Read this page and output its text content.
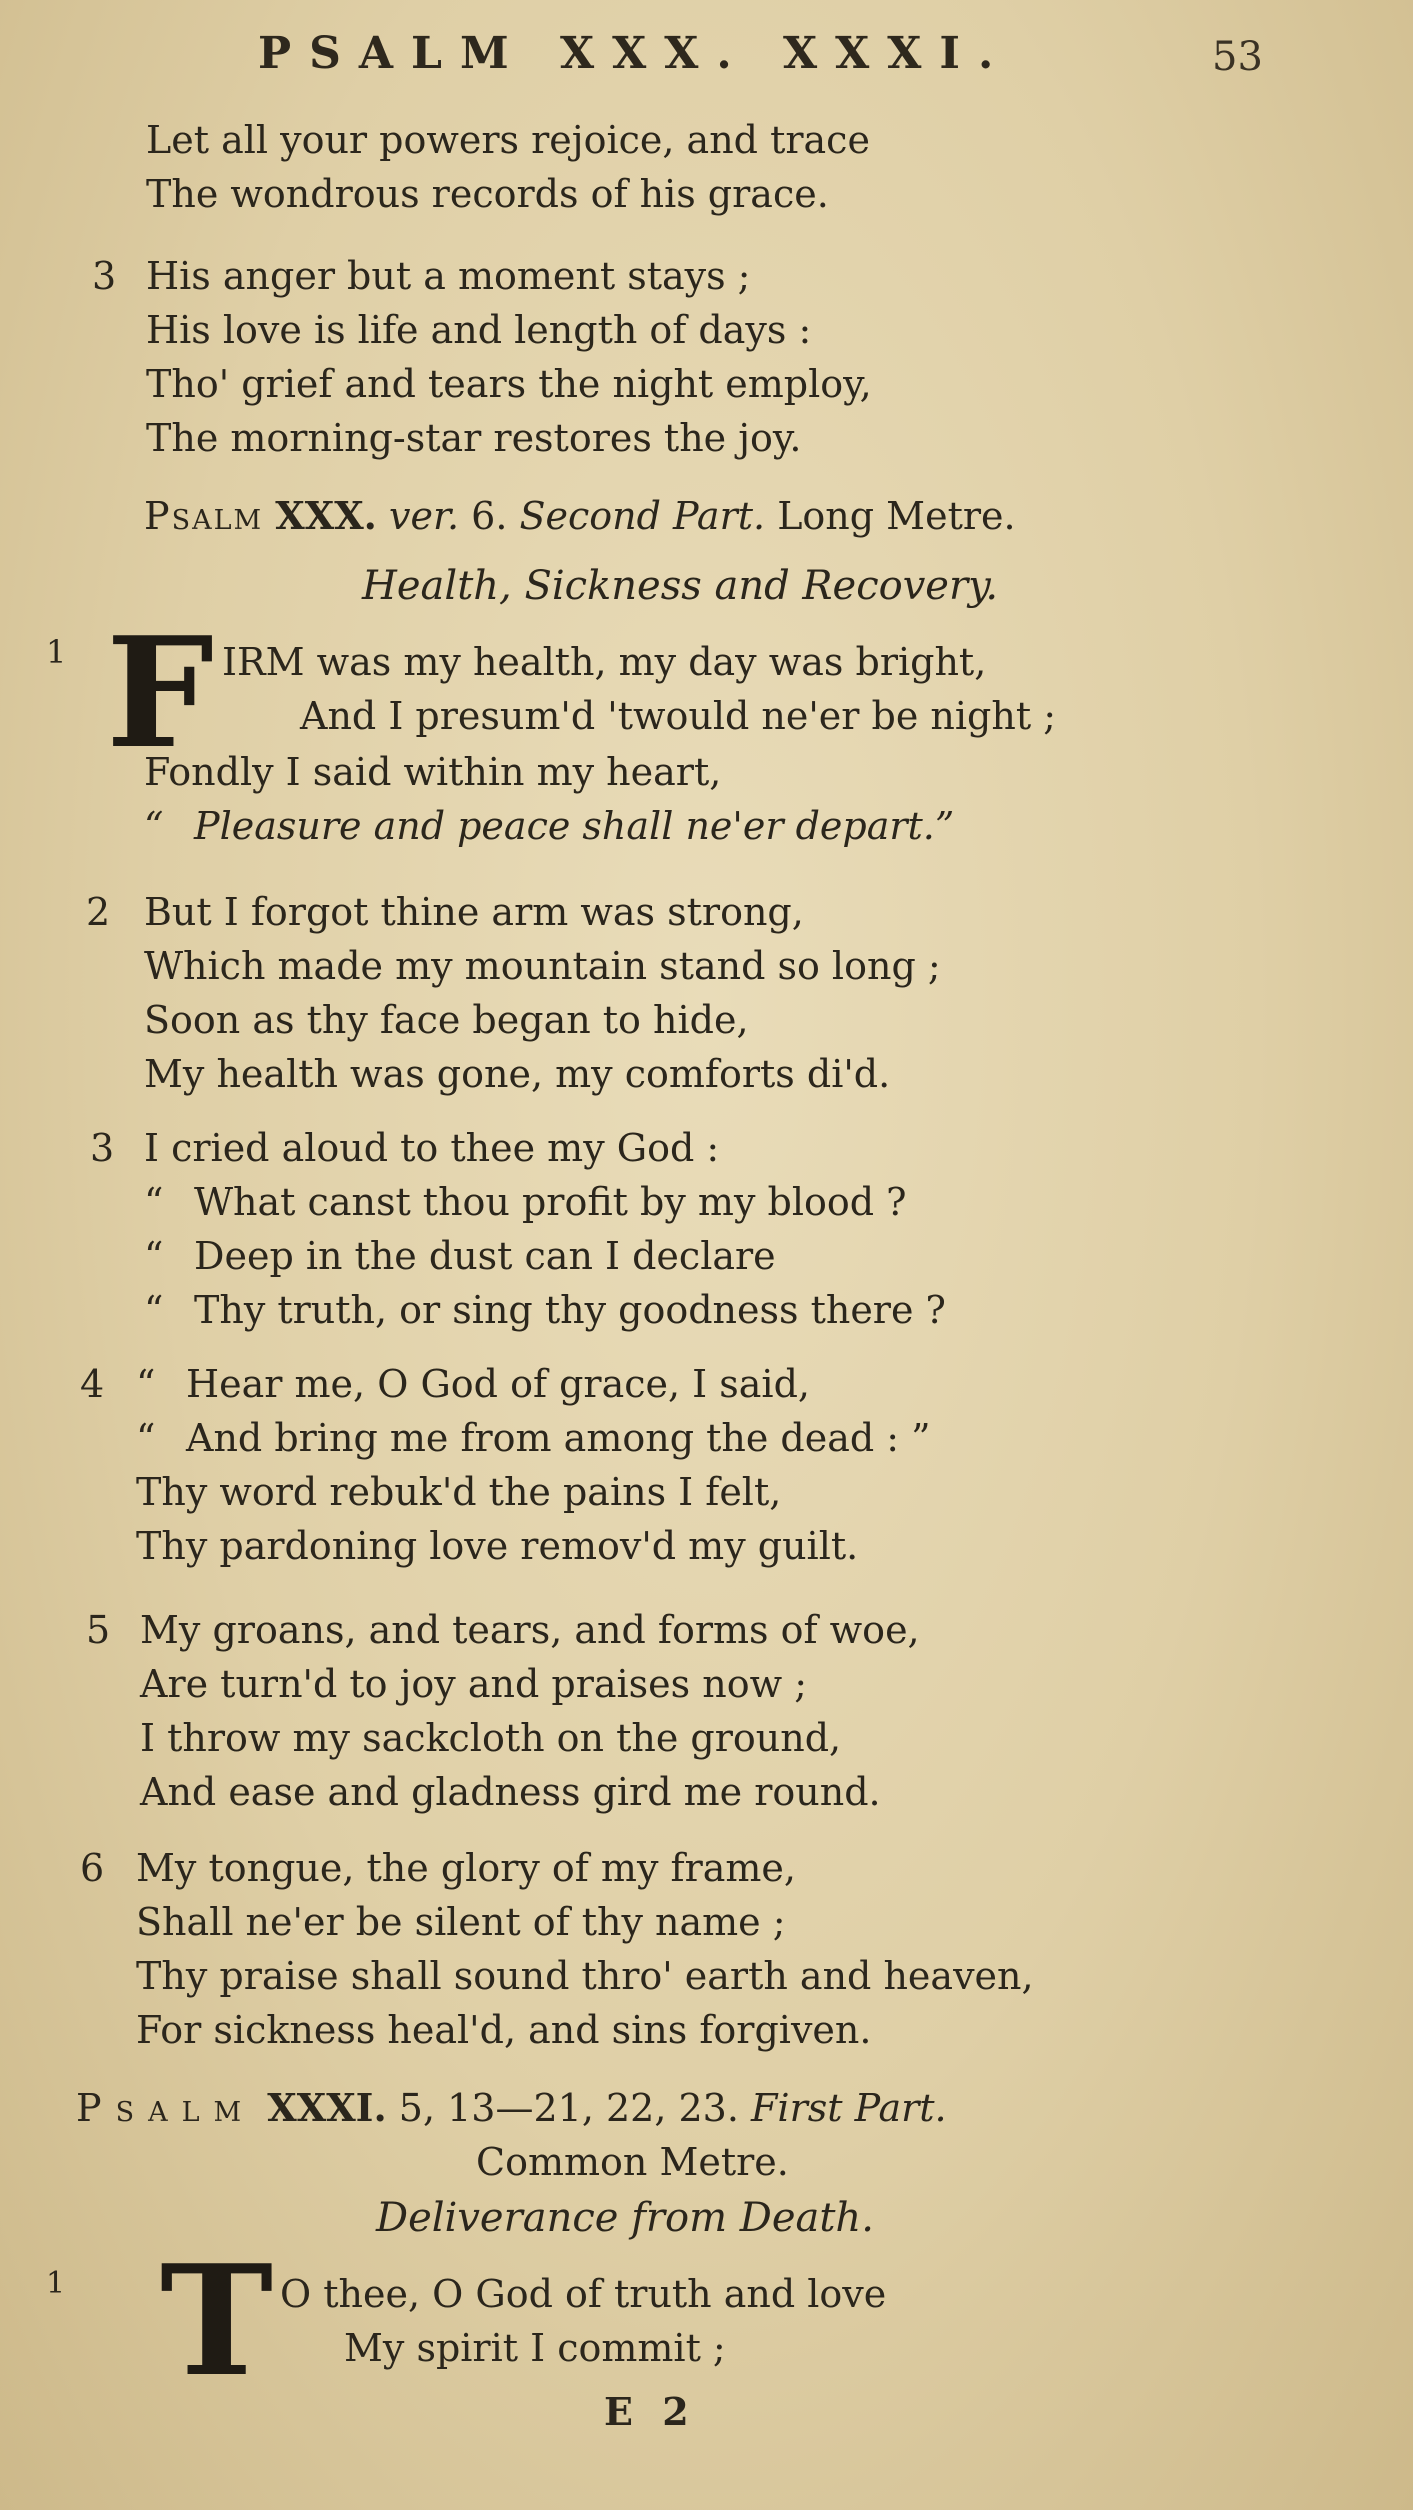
PSALM XXX. XXXI.	53
Let all your powers rejoice, and trace
The wondrous records of his grace.
3 His anger but a moment stays ;
His love is life and length of days :
Tho' grief and tears the night employ,
The morning-star restores the joy.
Psalm XXX. ver. 6. Second Part. Long Metre.
Health, Sickness and Recovery.
1 F IRM was my health, my day was bright,
And I presum'd 'twould ne'er be night ;
Fondly I said within my heart,
“ Pleasure and peace shall ne'er depart.”
2 But I forgot thine arm was strong,
Which made my mountain stand so long ;
Soon as thy face began to hide,
My health was gone, my comforts di'd.
3 I cried aloud to thee my God :
“ What canst thou profit by my blood ?
“ Deep in the dust can I declare
“ Thy truth, or sing thy goodness there ?
4 “ Hear me, O God of grace, I said,
“ And bring me from among the dead : ”
Thy word rebuk'd the pains I felt,
Thy pardoning love remov'd my guilt.
5 My groans, and tears, and forms of woe,
Are turn'd to joy and praises now ;
I throw my sackcloth on the ground,
And ease and gladness gird me round.
6 My tongue, the glory of my frame,
Shall ne'er be silent of thy name ;
Thy praise shall sound thro' earth and heaven,
For sickness heal'd, and sins forgiven.
Psalm XXXI. 5, 13—21, 22, 23. First Part.
Common Metre.
Deliverance from Death.
1 T O thee, O God of truth and love
My spirit I commit ;
E 2
